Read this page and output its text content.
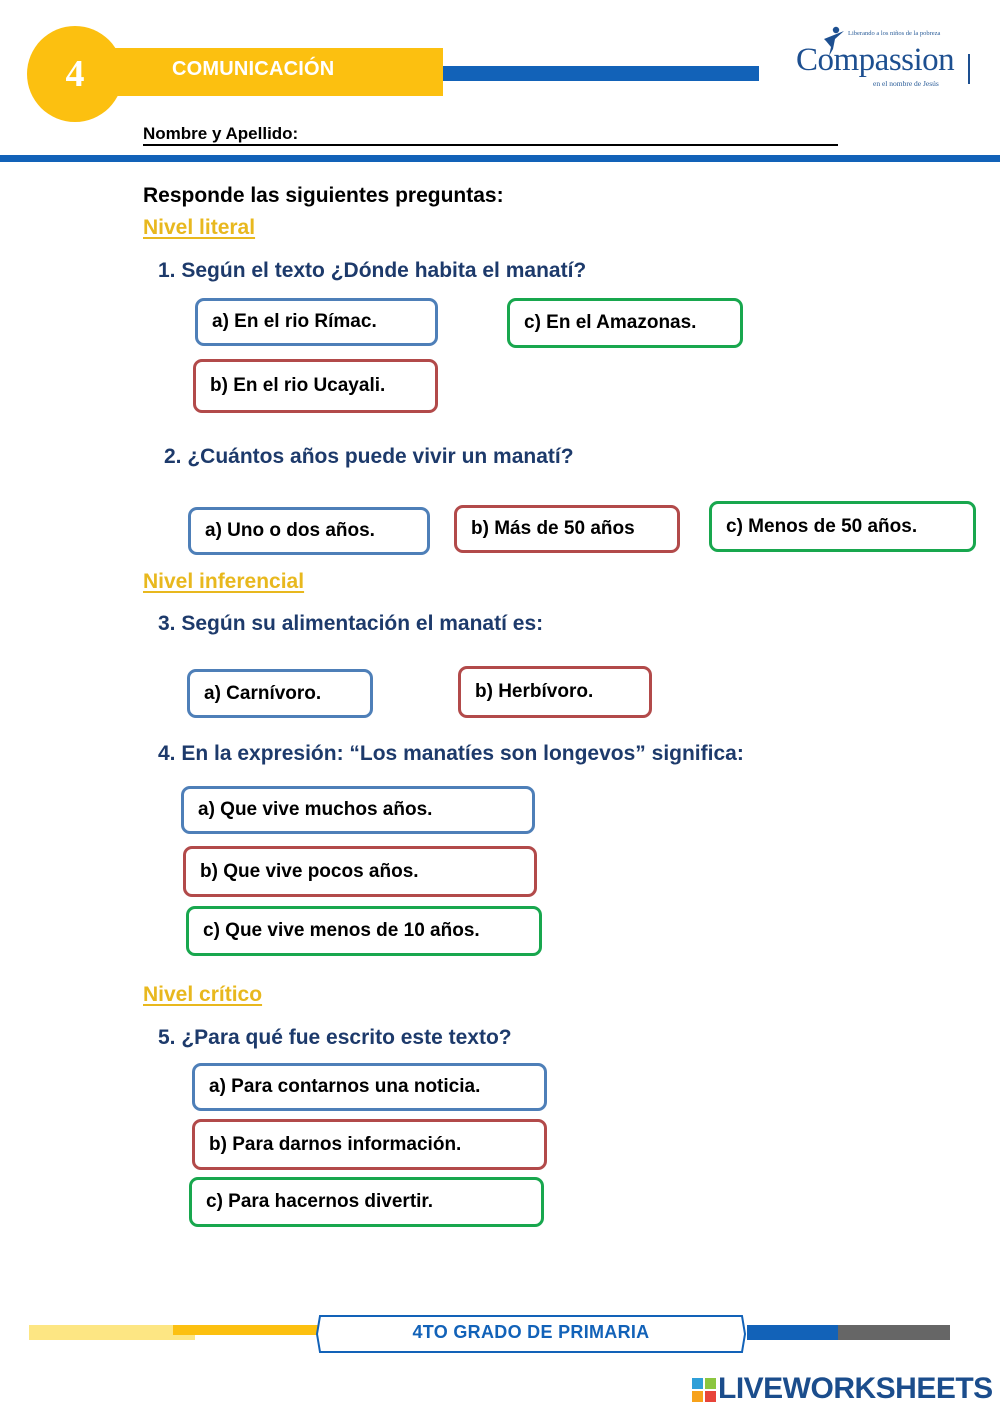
4	COMUNICACIÓN
Liberando a los niños de la pobreza
Compassion
en el nombre de Jesús
Nombre y Apellido:
Responde las siguientes preguntas:
Nivel literal
1. Según el texto ¿Dónde habita el manatí?
a) En el rio Rímac.	c) En el Amazonas.
b) En el rio Ucayali.
2. ¿Cuántos años puede vivir un manatí?
a) Uno o dos años.	b) Más de 50 años	c) Menos de 50 años.
Nivel inferencial
3. Según su alimentación el manatí es:
a) Carnívoro.	b) Herbívoro.
4. En la expresión: “Los manatíes son longevos” significa:
a) Que vive muchos años.
b) Que vive pocos años.
c) Que vive menos de 10 años.
Nivel crítico
5. ¿Para qué fue escrito este texto?
a) Para contarnos una noticia.
b) Para darnos información.
c) Para hacernos divertir.
4TO GRADO DE PRIMARIA
LIVEWORKSHEETS
